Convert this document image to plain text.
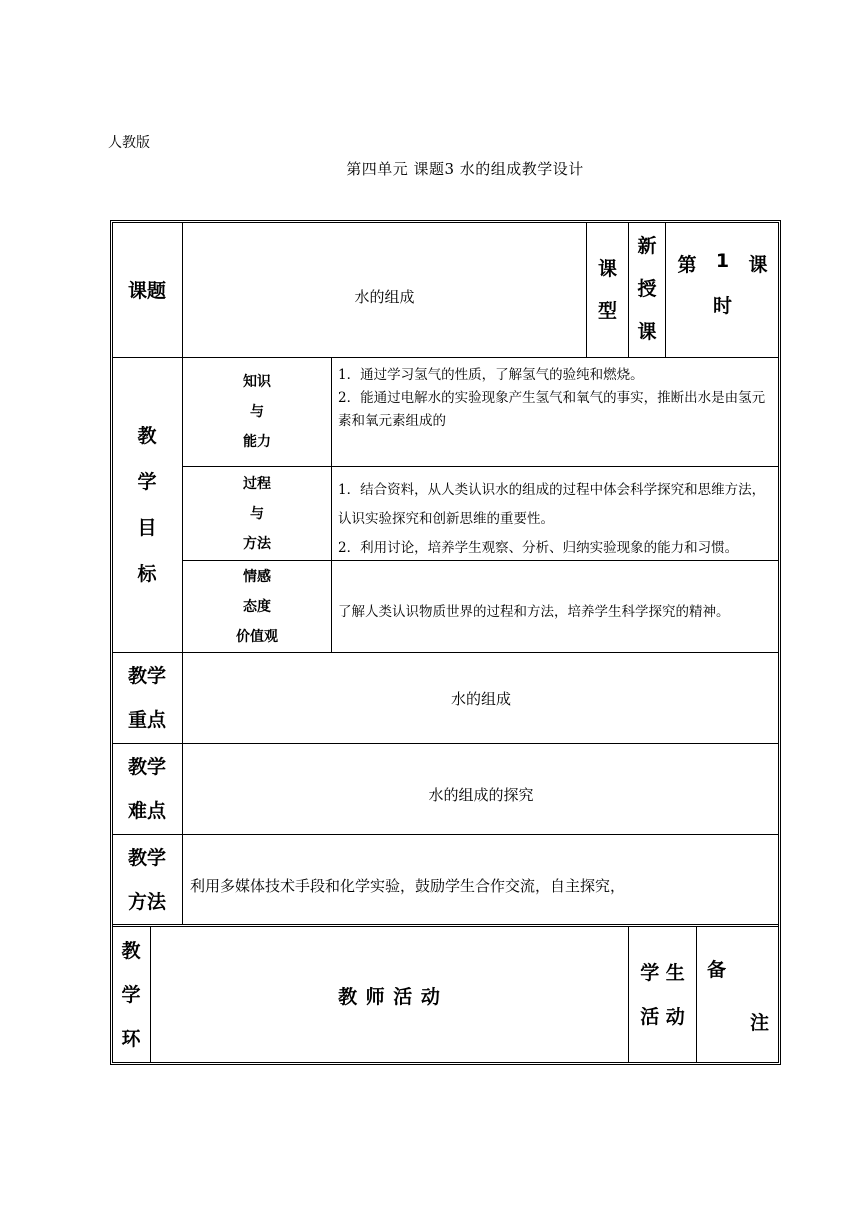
人教版
第四单元 课题3 水的组成教学设计
课题	水的组成
课
型
新
授
课
第 1 课
时
教
学
目
标
知识
与
能力
1．通过学习氢气的性质，了解氢气的验纯和燃烧。
2．能通过电解水的实验现象产生氢气和氧气的事实，推断出水是由氢元素和氧元素组成的
过程
与
方法
1．结合资料，从人类认识水的组成的过程中体会科学探究和思维方法，认识实验探究和创新思维的重要性。
2．利用讨论，培养学生观察、分析、归纳实验现象的能力和习惯。
情感
态度
价值观
了解人类认识物质世界的过程和方法，培养学生科学探究的精神。
教学
重点
水的组成
教学
难点
水的组成的探究
教学
方法
利用多媒体技术手段和化学实验，鼓励学生合作交流，自主探究，
教
学
环
教 师 活 动
学 生
活 动
备
注
